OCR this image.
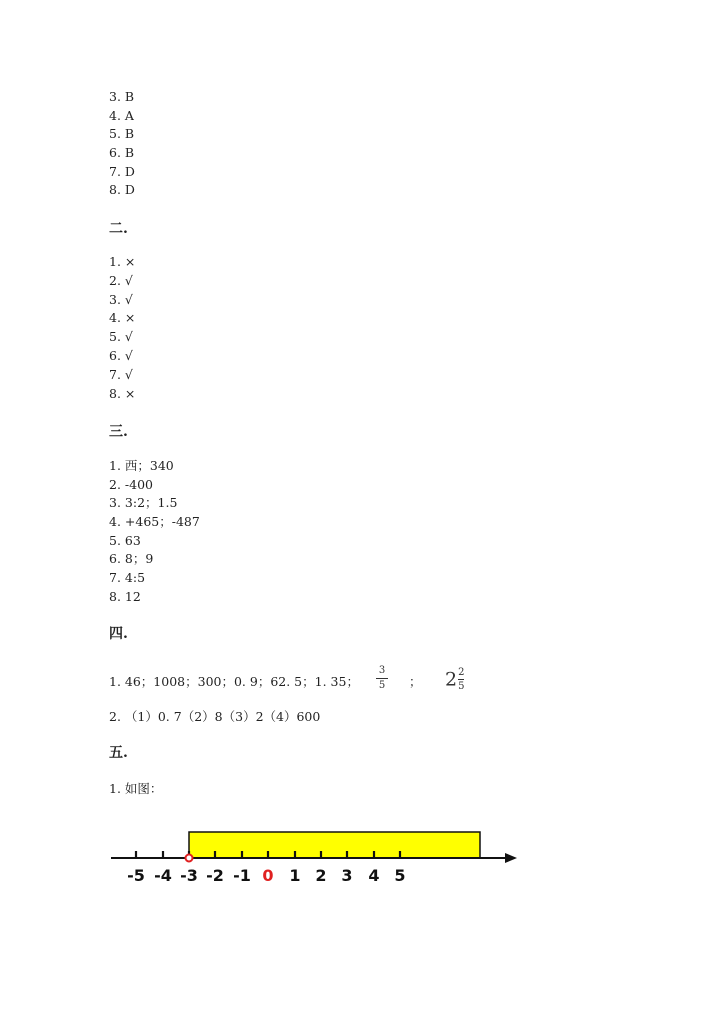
3. B
4. A
5. B
6. B
7. D
8. D
二.
1. ×
2. √
3. √
4. ×
5. √
6. √
7. √
8. ×
三.
1. 西；340
2. -400
3. 3:2；1.5
4. +465；-487
5. 63
6. 8；9
7. 4:5
8. 12
四.
1. 46；1008；300；0. 9；62. 5；1. 35；
3
5 ； $2 \frac{2}{5}$
2. （1）0. 7（2）8（3）2（4）600
五.
1. 如图：
-5 -4 -3 -2 -1 0 1 2 3 4 5
